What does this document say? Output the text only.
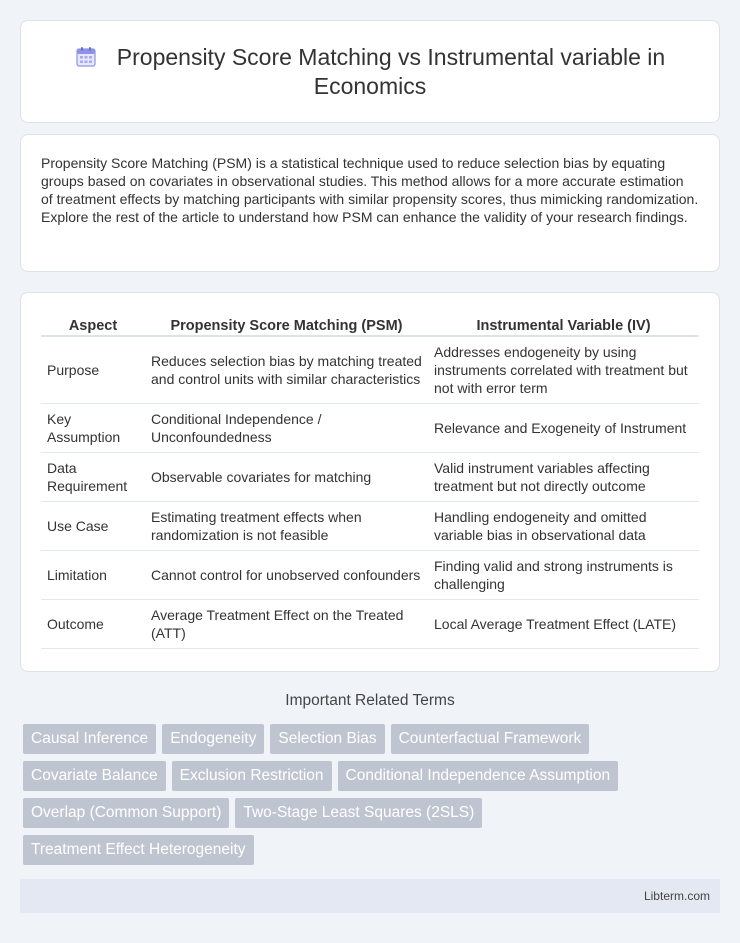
Propensity Score Matching vs Instrumental variable in Economics

Propensity Score Matching (PSM) is a statistical technique used to reduce selection bias by equating groups based on covariates in observational studies. This method allows for a more accurate estimation of treatment effects by matching participants with similar propensity scores, thus mimicking randomization. Explore the rest of the article to understand how PSM can enhance the validity of your research findings.

Aspect	Propensity Score Matching (PSM)	Instrumental Variable (IV)
Purpose	Reduces selection bias by matching treated and control units with similar characteristics	Addresses endogeneity by using instruments correlated with treatment but not with error term
Key Assumption	Conditional Independence / Unconfoundedness	Relevance and Exogeneity of Instrument
Data Requirement	Observable covariates for matching	Valid instrument variables affecting treatment but not directly outcome
Use Case	Estimating treatment effects when randomization is not feasible	Handling endogeneity and omitted variable bias in observational data
Limitation	Cannot control for unobserved confounders	Finding valid and strong instruments is challenging
Outcome	Average Treatment Effect on the Treated (ATT)	Local Average Treatment Effect (LATE)
Important Related Terms
Causal Inference	Endogeneity	Selection Bias	Counterfactual Framework
Covariate Balance	Exclusion Restriction	Conditional Independence Assumption
Overlap (Common Support)	Two-Stage Least Squares (2SLS)
Treatment Effect Heterogeneity
Libterm.com
